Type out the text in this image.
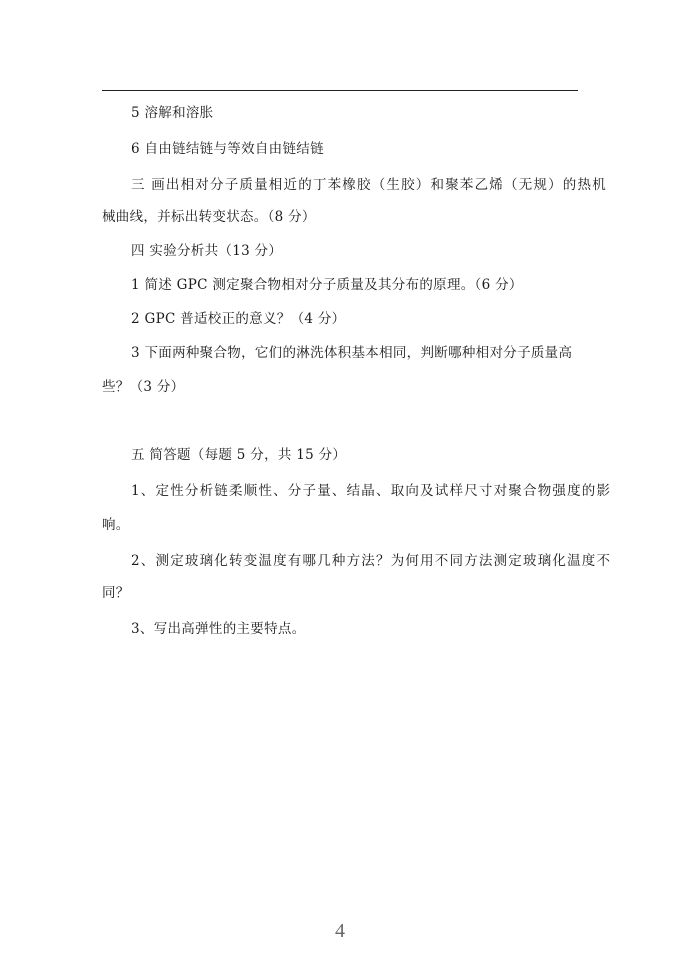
5 溶解和溶胀
6 自由链结链与等效自由链结链
三 画出相对分子质量相近的丁苯橡胶（生胶）和聚苯乙烯（无规）的热机
械曲线，并标出转变状态。（8 分）
四 实验分析共（13 分）
1 简述 GPC 测定聚合物相对分子质量及其分布的原理。（6 分）
2 GPC 普适校正的意义？（4 分）
3 下面两种聚合物，它们的淋洗体积基本相同，判断哪种相对分子质量高
些？（3 分）
五 简答题（每题 5 分，共 15 分）
1、定性分析链柔顺性、分子量、结晶、取向及试样尺寸对聚合物强度的影
响。
2、测定玻璃化转变温度有哪几种方法？为何用不同方法测定玻璃化温度不
同？
3、写出高弹性的主要特点。
4
